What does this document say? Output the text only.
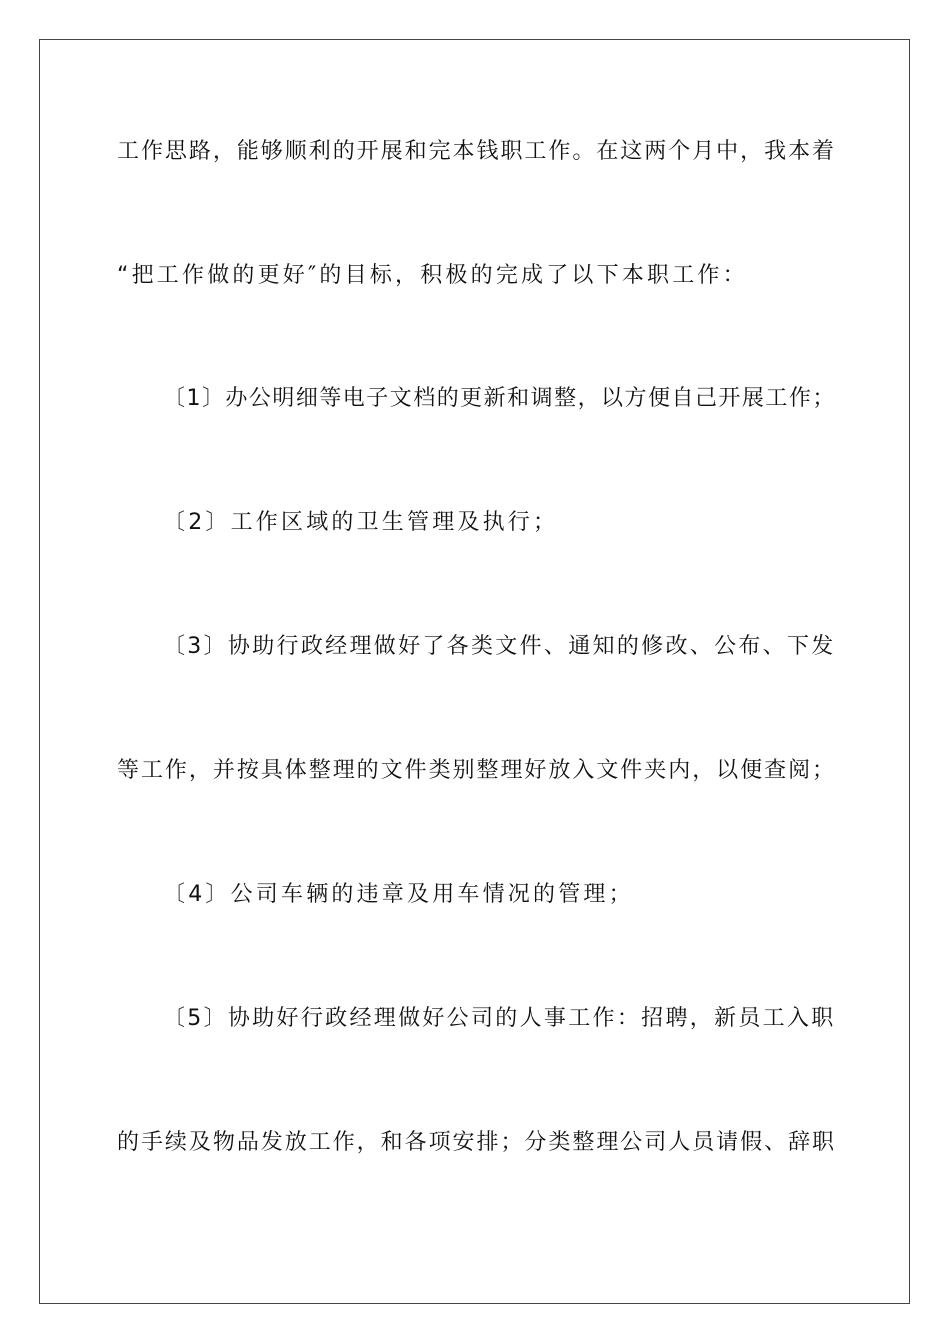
工作思路，能够顺利的开展和完本钱职工作。在这两个月中，我本着
“把工作做的更好″的目标，积极的完成了以下本职工作：
〔1〕办公明细等电子文档的更新和调整，以方便自己开展工作；
〔2〕工作区域的卫生管理及执行；
〔3〕协助行政经理做好了各类文件、通知的修改、公布、下发
等工作，并按具体整理的文件类别整理好放入文件夹内，以便查阅；
〔4〕公司车辆的违章及用车情况的管理；
〔5〕协助好行政经理做好公司的人事工作：招聘，新员工入职
的手续及物品发放工作，和各项安排；分类整理公司人员请假、辞职
